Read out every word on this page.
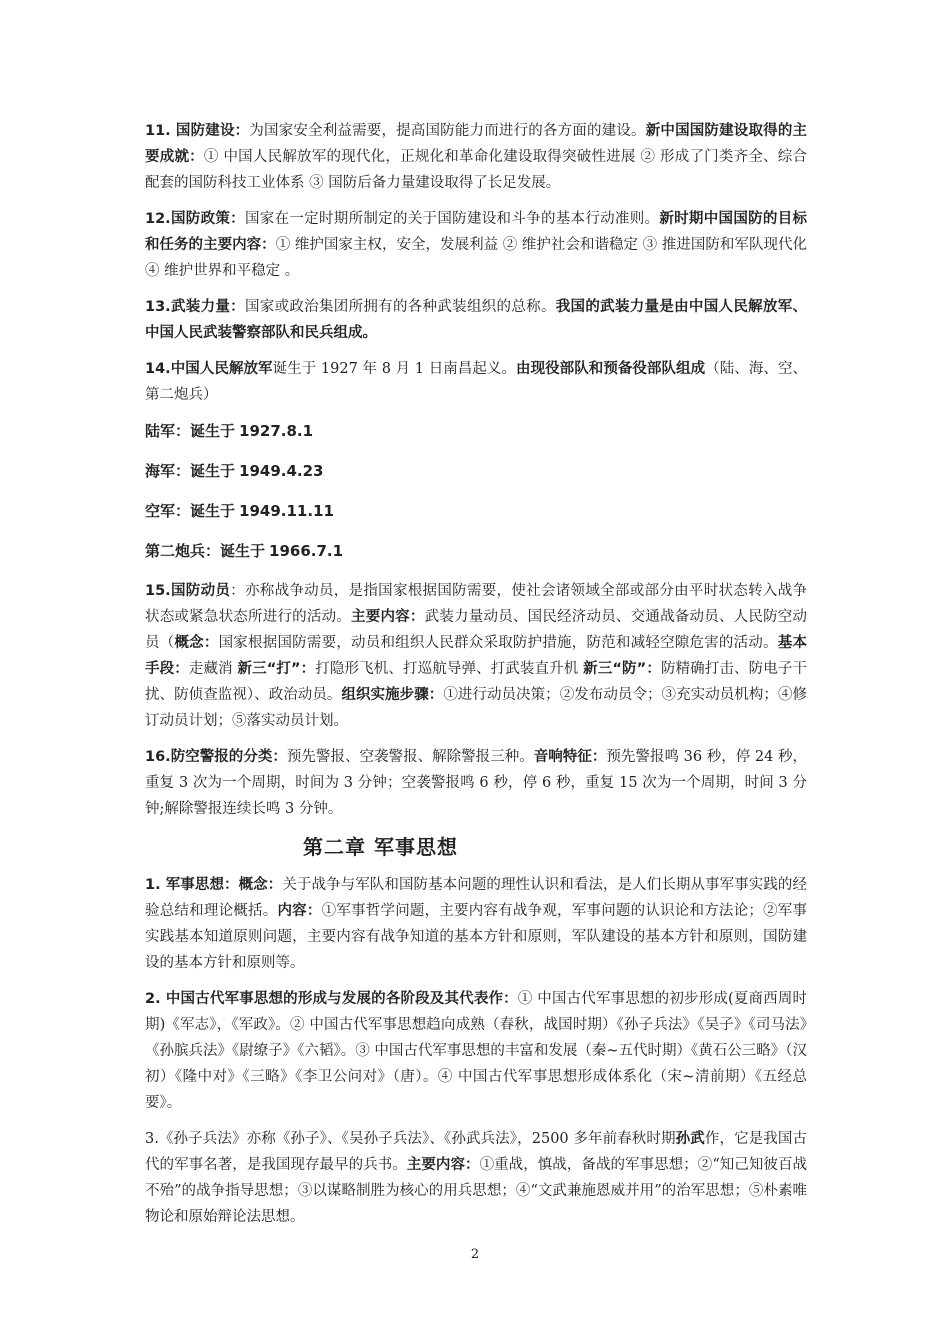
11. 国防建设：为国家安全利益需要，提高国防能力而进行的各方面的建设。新中国国防建设取得的主要成就：① 中国人民解放军的现代化，正规化和革命化建设取得突破性进展 ② 形成了门类齐全、综合配套的国防科技工业体系 ③ 国防后备力量建设取得了长足发展。

12.国防政策：国家在一定时期所制定的关于国防建设和斗争的基本行动准则。新时期中国国防的目标和任务的主要内容：① 维护国家主权，安全，发展利益 ② 维护社会和谐稳定 ③ 推进国防和军队现代化 ④ 维护世界和平稳定 。

13.武装力量：国家或政治集团所拥有的各种武装组织的总称。我国的武装力量是由中国人民解放军、中国人民武装警察部队和民兵组成。

14.中国人民解放军诞生于 1927 年 8 月 1 日南昌起义。由现役部队和预备役部队组成（陆、海、空、第二炮兵）

陆军：诞生于 1927.8.1

海军：诞生于 1949.4.23

空军：诞生于 1949.11.11

第二炮兵：诞生于 1966.7.1

15.国防动员：亦称战争动员，是指国家根据国防需要，使社会诸领域全部或部分由平时状态转入战争状态或紧急状态所进行的活动。主要内容：武装力量动员、国民经济动员、交通战备动员、人民防空动员（概念：国家根据国防需要，动员和组织人民群众采取防护措施，防范和减轻空隙危害的活动。基本手段：走藏消 新三“打”：打隐形飞机、打巡航导弹、打武装直升机 新三“防”：防精确打击、防电子干扰、防侦查监视）、政治动员。组织实施步骤：①进行动员决策；②发布动员令；③充实动员机构；④修订动员计划；⑤落实动员计划。

16.防空警报的分类：预先警报、空袭警报、解除警报三种。音响特征：预先警报鸣 36 秒，停 24 秒，重复 3 次为一个周期，时间为 3 分钟；空袭警报鸣 6 秒，停 6 秒，重复 15 次为一个周期，时间 3 分钟;解除警报连续长鸣 3 分钟。

第二章 军事思想

1. 军事思想：概念：关于战争与军队和国防基本问题的理性认识和看法，是人们长期从事军事实践的经验总结和理论概括。内容：①军事哲学问题，主要内容有战争观，军事问题的认识论和方法论；②军事实践基本知道原则问题，主要内容有战争知道的基本方针和原则，军队建设的基本方针和原则，国防建设的基本方针和原则等。

2. 中国古代军事思想的形成与发展的各阶段及其代表作：① 中国古代军事思想的初步形成(夏商西周时期)《军志》，《军政》。② 中国古代军事思想趋向成熟（春秋，战国时期）《孙子兵法》《吴子》《司马法》《孙膑兵法》《尉缭子》《六韬》。③ 中国古代军事思想的丰富和发展（秦~五代时期）《黄石公三略》（汉初）《隆中对》《三略》《李卫公问对》（唐）。④ 中国古代军事思想形成体系化（宋~清前期）《五经总要》。

3.《孙子兵法》亦称《孙子》、《吴孙子兵法》、《孙武兵法》，2500 多年前春秋时期孙武作，它是我国古代的军事名著，是我国现存最早的兵书。主要内容：①重战，慎战，备战的军事思想；②“知己知彼百战不殆”的战争指导思想；③以谋略制胜为核心的用兵思想；④“文武兼施恩威并用”的治军思想；⑤朴素唯物论和原始辩论法思想。

2
